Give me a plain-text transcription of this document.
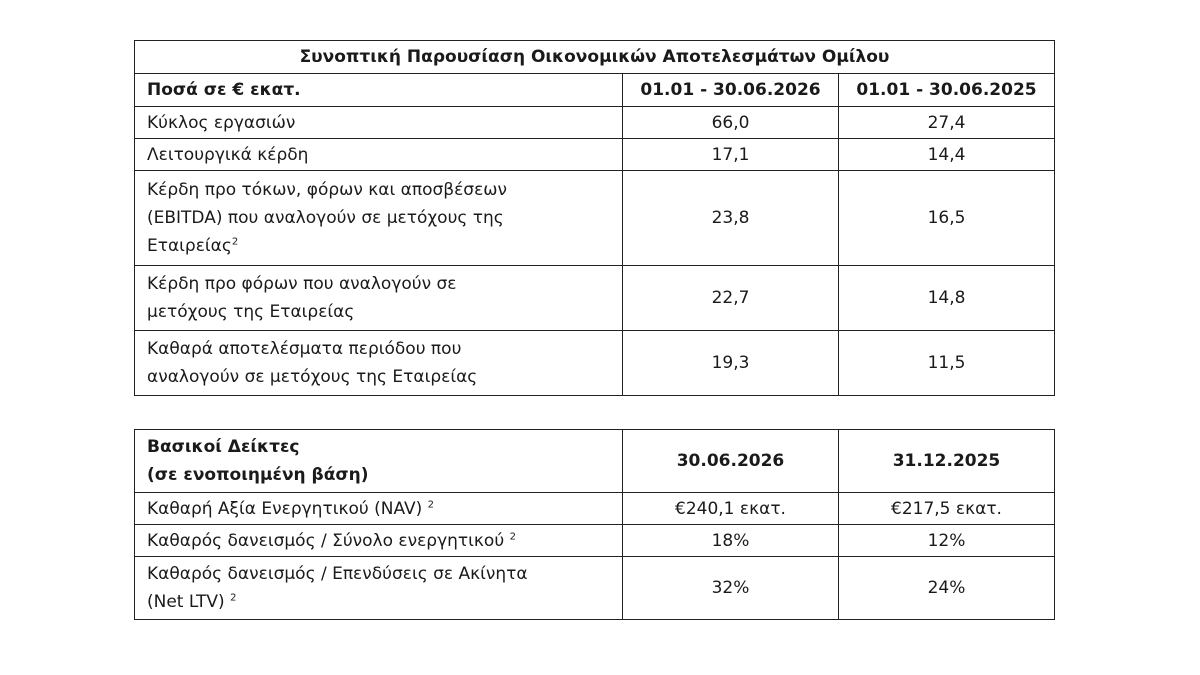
Συνοπτική Παρουσίαση Οικονομικών Αποτελεσμάτων Ομίλου		
Ποσά σε € εκατ.	01.01 - 30.06.2026	01.01 - 30.06.2025
Κύκλος εργασιών	66,0	27,4
Λειτουργικά κέρδη	17,1	14,4

Κέρδη προ τόκων, φόρων και αποσβέσεων
(EBITDA) που αναλογούν σε μετόχους της
Εταιρείας$^2$	23,8	16,5

Κέρδη προ φόρων που αναλογούν σε
μετόχους της Εταιρείας	22,7	14,8

Καθαρά αποτελέσματα περιόδου που
αναλογούν σε μετόχους της Εταιρείας	19,3	11,5
Βασικοί Δείκτες
(σε ενοποιημένη βάση)	30.06.2026	31.12.2025
Καθαρή Αξία Ενεργητικού (NAV) $^2$	€240,1 εκατ.	€217,5 εκατ.
Καθαρός δανεισμός / Σύνολο ενεργητικού $^2$	18%	12%

Καθαρός δανεισμός / Επενδύσεις σε Ακίνητα
(Net LTV) $^2$	32%	24%
